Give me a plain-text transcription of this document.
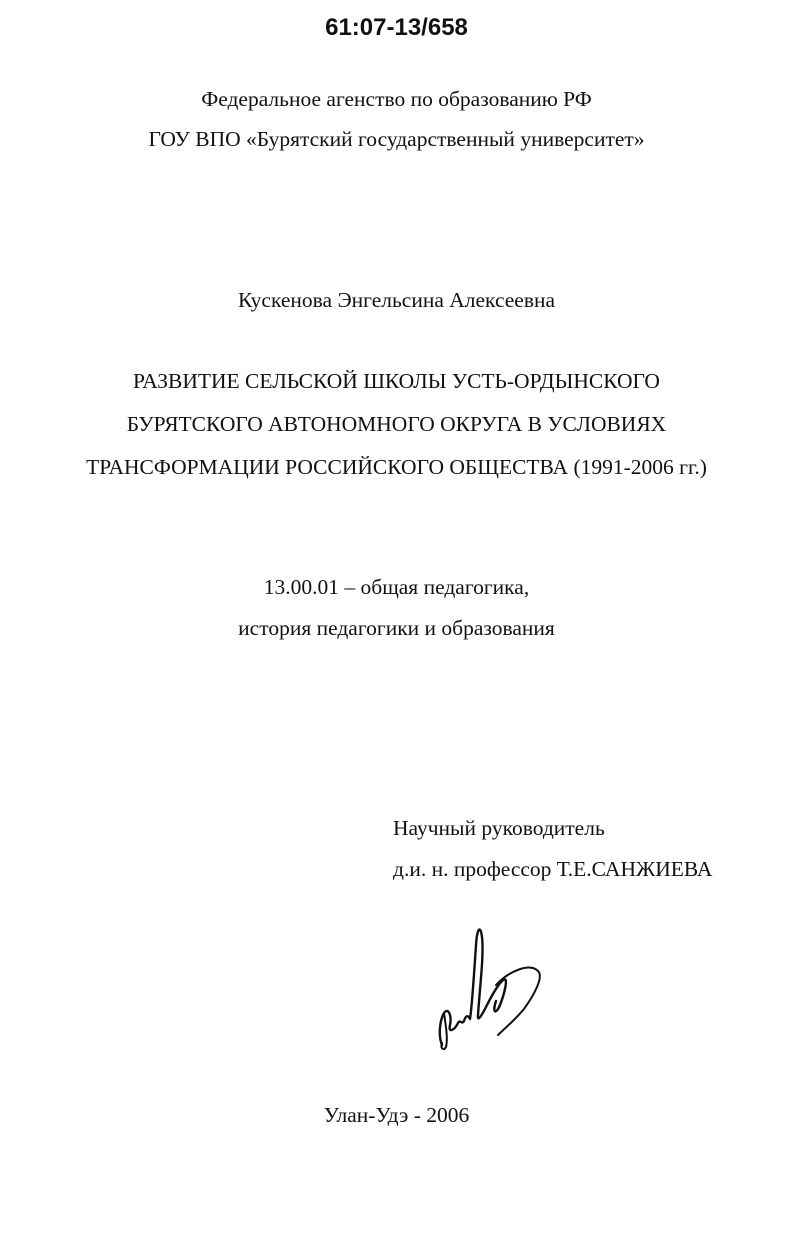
61:07-13/658
Федеральное агенство по образованию РФ
ГОУ ВПО «Бурятский государственный университет»
Кускенова Энгельсина Алексеевна
РАЗВИТИЕ СЕЛЬСКОЙ ШКОЛЫ УСТЬ-ОРДЫНСКОГО
БУРЯТСКОГО АВТОНОМНОГО ОКРУГА В УСЛОВИЯХ
ТРАНСФОРМАЦИИ РОССИЙСКОГО ОБЩЕСТВА (1991-2006 гг.)
13.00.01 – общая педагогика,
история педагогики и образования
Научный руководитель
д.и. н. профессор Т.Е.САНЖИЕВА
Улан-Удэ - 2006
